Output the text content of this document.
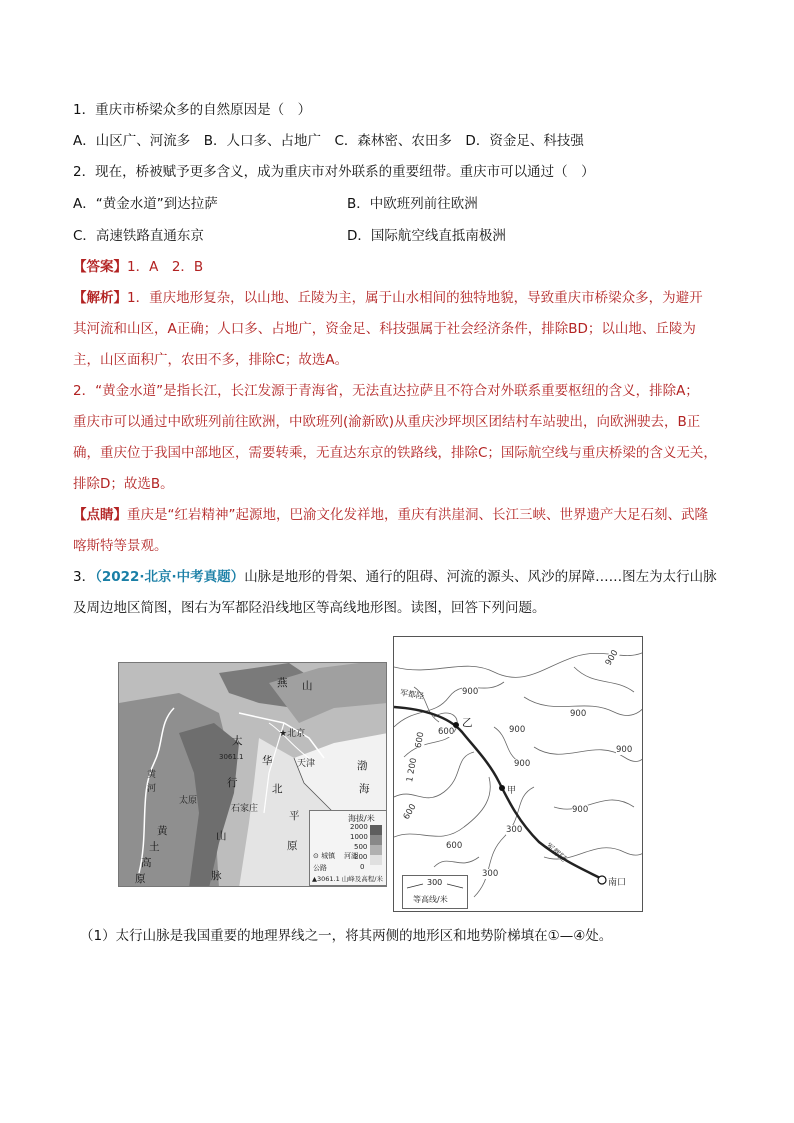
1．重庆市桥梁众多的自然原因是（　）
A．山区广、河流多　B．人口多、占地广　C．森林密、农田多　D．资金足、科技强
2．现在，桥被赋予更多含义，成为重庆市对外联系的重要纽带。重庆市可以通过（　）
A．“黄金水道”到达拉萨	B．中欧班列前往欧洲
C．高速铁路直通东京	D．国际航空线直抵南极洲
【答案】1．A　2．B
【解析】1．重庆地形复杂，以山地、丘陵为主，属于山水相间的独特地貌，导致重庆市桥梁众多，为避开
其河流和山区，A正确；人口多、占地广，资金足、科技强属于社会经济条件，排除BD；以山地、丘陵为
主，山区面积广，农田不多，排除C；故选A。
2．“黄金水道”是指长江，长江发源于青海省，无法直达拉萨且不符合对外联系重要枢纽的含义，排除A；
重庆市可以通过中欧班列前往欧洲，中欧班列(渝新欧)从重庆沙坪坝区团结村车站驶出，向欧洲驶去，B正
确，重庆位于我国中部地区，需要转乘，无直达东京的铁路线，排除C；国际航空线与重庆桥梁的含义无关，
排除D；故选B。
【点睛】重庆是“红岩精神”起源地，巴渝文化发祥地，重庆有洪崖洞、长江三峡、世界遗产大足石刻、武隆
喀斯特等景观。
3．（2022·北京·中考真题）山脉是地形的骨架、通行的阻碍、河流的源头、风沙的屏障……图左为太行山脉
及周边地区简图，图右为军都陉沿线地区等高线地形图。读图，回答下列问题。
燕 山
★北京
天津
太
行
3061.1
太原
石家庄
华
北
平
原
山
脉
渤
海
黄
土
高
原
河
黄
海拔/米
2000
1000
500
200
0
⊙ 城镇
公路
河湖
▲3061.1 山峰及高程/米
军都陉
军都陉
乙
甲
南口
900
900
900
900
600
600
1 200
600
300
600
900
900
900
300
300
等高线/米
（1）太行山脉是我国重要的地理界线之一，将其两侧的地形区和地势阶梯填在①—④处。
